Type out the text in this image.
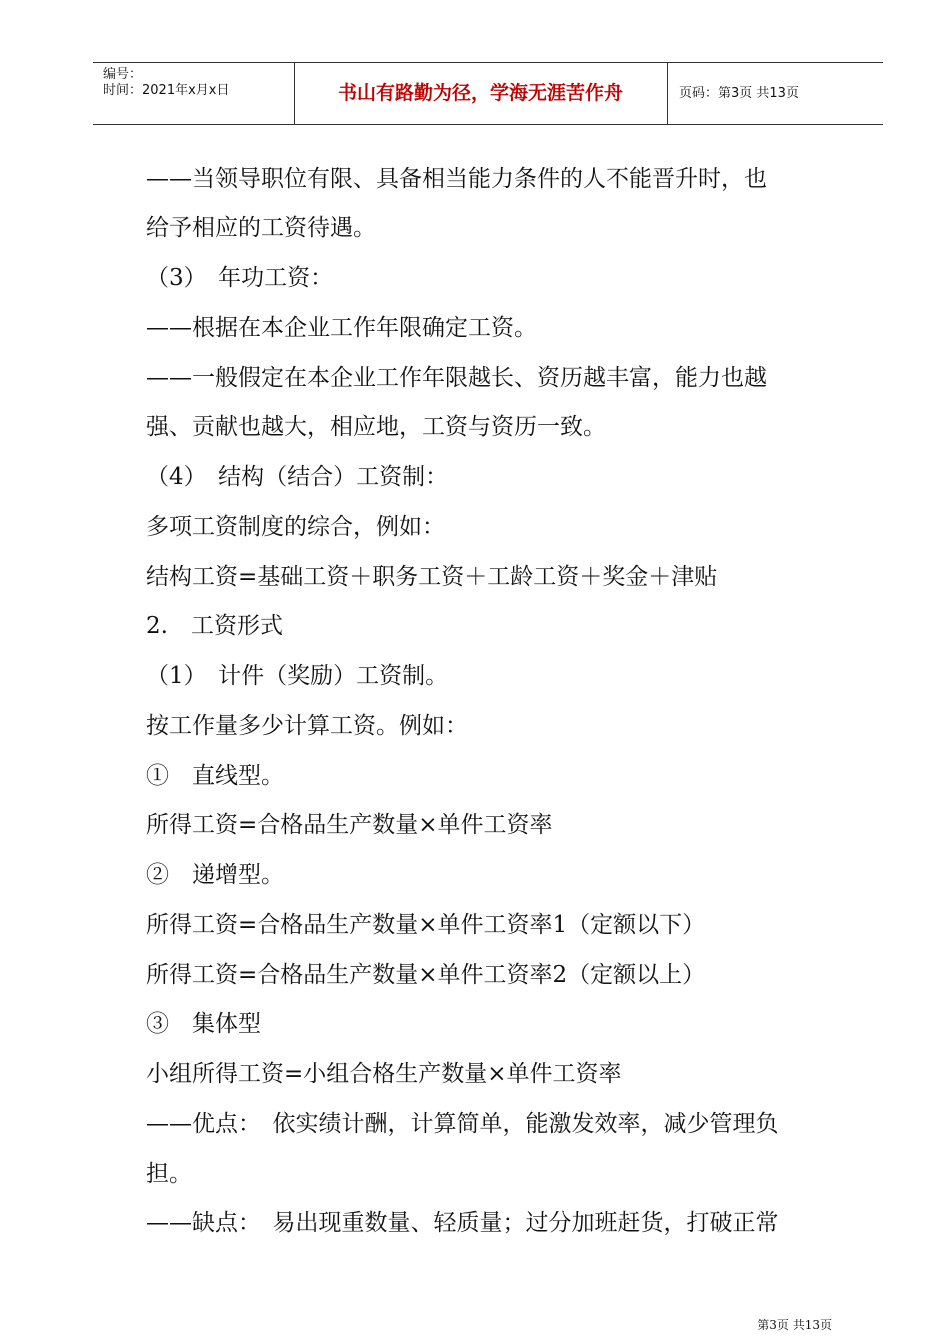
编号：
时间：2021年x月x日	书山有路勤为径，学海无涯苦作舟	页码：第3页 共13页
——当领导职位有限、具备相当能力条件的人不能晋升时，也
给予相应的工资待遇。
（3）　年功工资：
——根据在本企业工作年限确定工资。
——一般假定在本企业工作年限越长、资历越丰富，能力也越
强、贡献也越大，相应地，工资与资历一致。
（4）　结构（结合）工资制：
多项工资制度的综合，例如：
结构工资=基础工资＋职务工资＋工龄工资＋奖金＋津贴
2.　工资形式
（1）　计件（奖励）工资制。
按工作量多少计算工资。例如：
①　直线型。
所得工资=合格品生产数量×单件工资率
②　递增型。
所得工资=合格品生产数量×单件工资率1（定额以下）
所得工资=合格品生产数量×单件工资率2（定额以上）
③　集体型
小组所得工资=小组合格生产数量×单件工资率
——优点：　依实绩计酬，计算简单，能激发效率，减少管理负
担。
——缺点：　易出现重数量、轻质量；过分加班赶货，打破正常
第3页 共13页
